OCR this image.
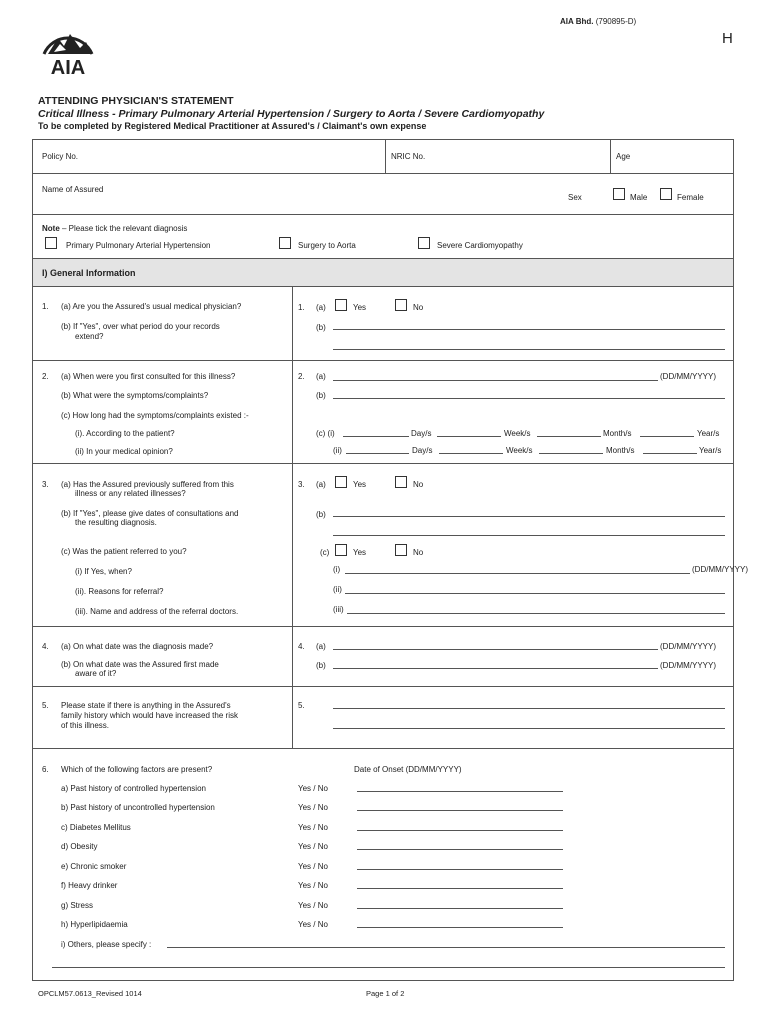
AIA
AIA Bhd. (790895-D)
H
ATTENDING PHYSICIAN'S STATEMENT
Critical Illness - Primary Pulmonary Arterial Hypertension / Surgery to Aorta / Severe Cardiomyopathy
To be completed by Registered Medical Practitioner at Assured's / Claimant's own expense
Policy No.	NRIC No.	Age
Name of Assured
Sex	Male	Female
Note – Please tick the relevant diagnosis
Primary Pulmonary Arterial Hypertension	Surgery to Aorta	Severe Cardiomyopathy
I) General Information
1. (a) Are you the Assured's usual medical physician?
(b) If "Yes", over what period do your records
extend?
1. (a)	Yes	No
(b)
2. (a) When were you first consulted for this illness?
(b) What were the symptoms/complaints?
(c) How long had the symptoms/complaints existed :-
(i). According to the patient?
(ii) In your medical opinion?
2. (a)	(DD/MM/YYYY)
(b)
(c) (i)	Day/s	Week/s	Month/s	Year/s
(ii)	Day/s	Week/s	Month/s	Year/s
3. (a) Has the Assured previously suffered from this
illness or any related illnesses?
(b) If "Yes", please give dates of consultations and
the resulting diagnosis.
(c) Was the patient referred to you?
(i) If Yes, when?
(ii). Reasons for referral?
(iii). Name and address of the referral doctors.
3. (a)	Yes	No
(b)
(c)	Yes	No
(i)	(DD/MM/YYYY)
(ii)
(iii)
4. (a) On what date was the diagnosis made?
(b) On what date was the Assured first made
aware of it?
4. (a)	(DD/MM/YYYY)
(b)	(DD/MM/YYYY)
5. Please state if there is anything in the Assured's
family history which would have increased the risk
of this illness.
5.
6. Which of the following factors are present?	Date of Onset (DD/MM/YYYY)
a) Past history of controlled hypertension	Yes / No
b) Past history of uncontrolled hypertension	Yes / No
c) Diabetes Mellitus	Yes / No
d) Obesity	Yes / No
e) Chronic smoker	Yes / No
f) Heavy drinker	Yes / No
g) Stress	Yes / No
h) Hyperlipidaemia	Yes / No
i) Others, please specify :
OPCLM57.0613_Revised 1014	Page 1 of 2
